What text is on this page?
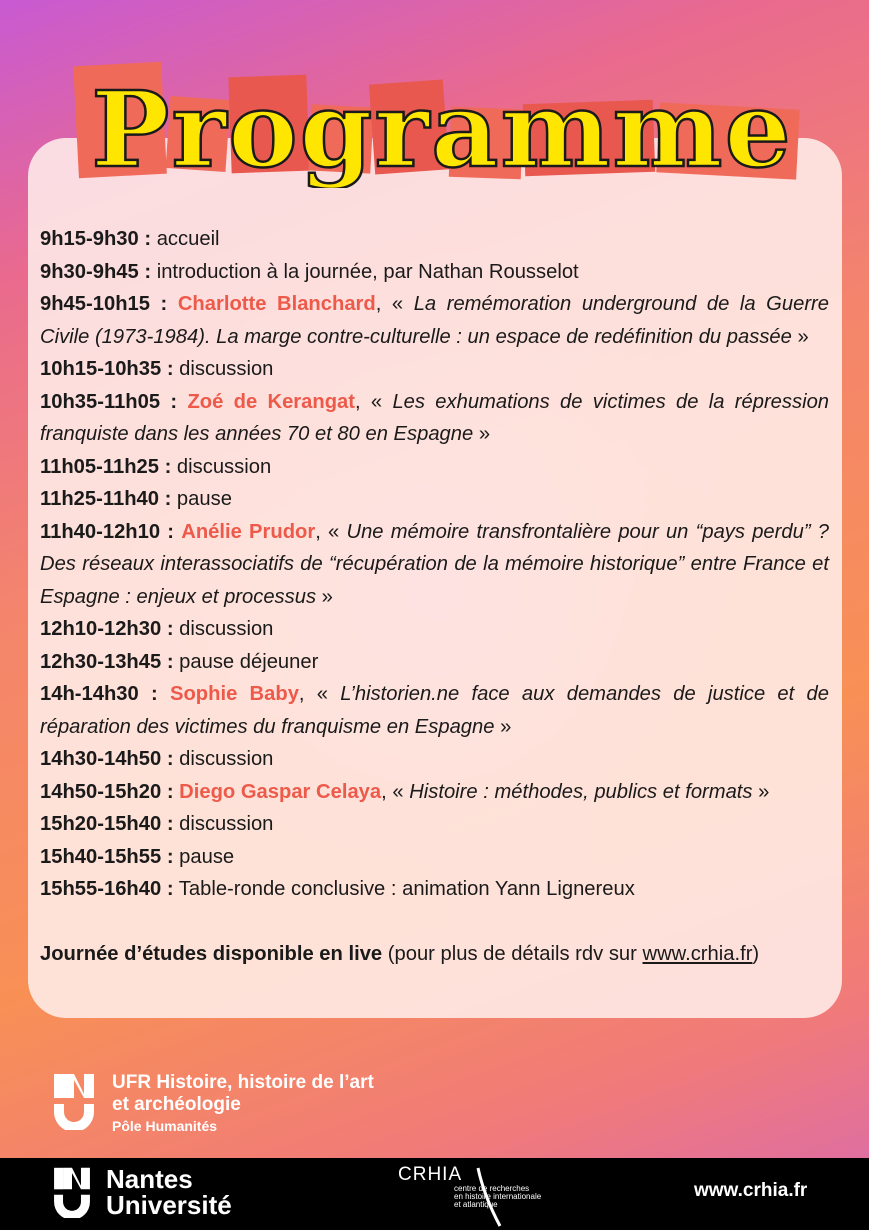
Programme

9h15-9h30 : accueil

9h30-9h45 : introduction à la journée, par Nathan Rousselot

9h45-10h15 : Charlotte Blanchard, « La remémoration underground de la Guerre Civile (1973-1984). La marge contre-culturelle : un espace de redéfinition du passée »

10h15-10h35 : discussion

10h35-11h05 : Zoé de Kerangat, « Les exhumations de victimes de la répression franquiste dans les années 70 et 80 en Espagne »

11h05-11h25 : discussion

11h25-11h40 : pause

11h40-12h10 : Anélie Prudor, « Une mémoire transfrontalière pour un “pays perdu” ? Des réseaux interassociatifs de “récupération de la mémoire historique” entre France et Espagne : enjeux et processus »

12h10-12h30 : discussion

12h30-13h45 : pause déjeuner

14h-14h30 : Sophie Baby, « L’historien.ne face aux demandes de justice et de réparation des victimes du franquisme en Espagne »

14h30-14h50 : discussion

14h50-15h20 : Diego Gaspar Celaya, « Histoire : méthodes, publics et formats »

15h20-15h40 : discussion

15h40-15h55 : pause

15h55-16h40 : Table-ronde conclusive : animation Yann Lignereux

Journée d’études disponible en live (pour plus de détails rdv sur www.crhia.fr)

UFR Histoire, histoire de l’art
et archéologie
Pôle Humanités
Nantes
Université
CRHIA
centre de recherches
en histoire internationale
et atlantique
www.crhia.fr
